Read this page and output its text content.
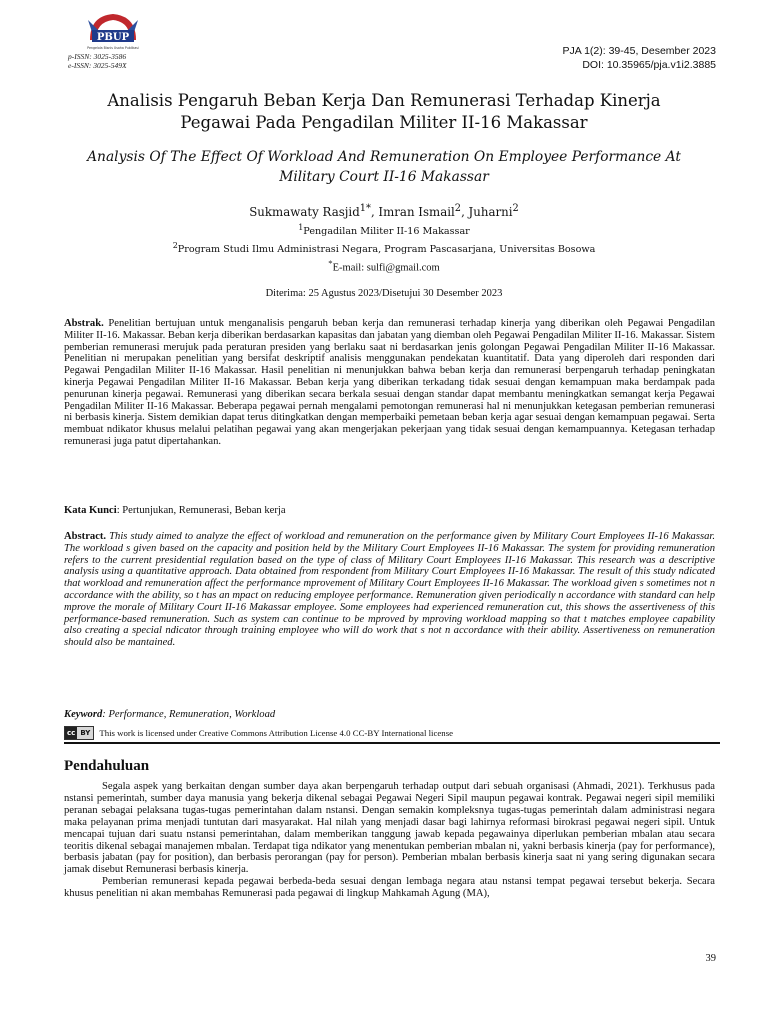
PBUP
Pengelola Bisnis Usaha Publikasi
p-ISSN: 3025-3586
e-ISSN: 3025-549X
PJA 1(2): 39-45, Desember 2023
DOI: 10.35965/pja.v1i2.3885
Analisis Pengaruh Beban Kerja Dan Remunerasi Terhadap Kinerja
Pegawai Pada Pengadilan Militer II-16 Makassar
Analysis Of The Effect Of Workload And Remuneration On Employee Performance At
Military Court II-16 Makassar
Sukmawaty Rasjid$^{1*}$, Imran Ismail$^2$, Juharni$^2$
$^1$Pengadilan Militer II-16 Makassar
$^2$Program Studi Ilmu Administrasi Negara, Program Pascasarjana, Universitas Bosowa
*E-mail: sulfi@gmail.com
Diterima: 25 Agustus 2023/Disetujui 30 Desember 2023
Abstrak. Penelitian bertujuan untuk menganalisis pengaruh beban kerja dan remunerasi terhadap kinerja yang diberikan oleh Pegawai Pengadilan Militer II-16. Makassar. Beban kerja diberikan berdasarkan kapasitas dan jabatan yang diemban oleh Pegawai Pengadilan Militer II-16. Makassar. Sistem pemberian remunerasi merujuk pada peraturan presiden yang berlaku saat ni berdasarkan jenis golongan Pegawai Pengadilan Militer II-16 Makassar. Penelitian ni merupakan penelitian yang bersifat deskriptif analisis menggunakan pendekatan kuantitatif. Data yang diperoleh dari responden dari Pegawai Pengadilan Militer II-16 Makassar. Hasil penelitian ni menunjukkan bahwa beban kerja dan remunerasi berpengaruh terhadap peningkatan kinerja Pegawai Pengadilan Militer II-16 Makassar. Beban kerja yang diberikan terkadang tidak sesuai dengan kemampuan maka berdampak pada penurunan kinerja pegawai. Remunerasi yang diberikan secara berkala sesuai dengan standar dapat membantu meningkatkan semangat kerja Pegawai Pengadilan Militer II-16 Makassar. Beberapa pegawai pernah mengalami pemotongan remunerasi hal ni menunjukkan ketegasan pemberian remunerasi ni berbasis kinerja. Sistem demikian dapat terus ditingkatkan dengan memperbaiki pemetaan beban kerja agar sesuai dengan kemampuan pegawai. Serta membuat ndikator khusus melalui pelatihan pegawai yang akan mengerjakan pekerjaan yang tidak sesuai dengan kemampuannya. Ketegasan terhadap remunerasi juga patut dipertahankan.
Kata Kunci: Pertunjukan, Remunerasi, Beban kerja
Abstract. This study aimed to analyze the effect of workload and remuneration on the performance given by Military Court Employees II-16 Makassar. The workload s given based on the capacity and position held by the Military Court Employees II-16 Makassar. The system for providing remuneration refers to the current presidential regulation based on the type of class of Military Court Employees II-16 Makassar. This research was a descriptive analysis using a quantitative approach. Data obtained from respondent from Military Court Employees II-16 Makassar. The result of this study ndicated that workload and remuneration affect the performance mprovement of Military Court Employees II-16 Makassar. The workload given s sometimes not n accordance with the ability, so t has an mpact on reducing employee performance. Remuneration given periodically n accordance with standard can help mprove the morale of Military Court II-16 Makassar employee. Some employees had experienced remuneration cut, this shows the assertiveness of this performance-based remuneration. Such as system can continue to be mproved by mproving workload mapping so that t matches employee capability also creating a special ndicator through training employee who will do work that s not n accordance with their ability. Assertiveness on remuneration should also be mantained.
Keyword: Performance, Remuneration, Workload
cc BY	This work is licensed under Creative Commons Attribution License 4.0 CC-BY International license
Pendahuluan

Segala aspek yang berkaitan dengan sumber daya akan berpengaruh terhadap output dari sebuah organisasi (Ahmadi, 2021). Terkhusus pada nstansi pemerintah, sumber daya manusia yang bekerja dikenal sebagai Pegawai Negeri Sipil maupun pegawai kontrak. Pegawai negeri sipil memiliki peranan sebagai pelaksana tugas-tugas pemerintahan dalam nstansi. Dengan semakin kompleksnya tugas-tugas pemerintah dalam administrasi negara maka pelayanan prima menjadi tuntutan dari masyarakat. Hal nilah yang menjadi dasar bagi lahirnya reformasi birokrasi pegawai negeri sipil. Untuk mencapai tujuan dari suatu nstansi pemerintahan, dalam memberikan tanggung jawab kepada pegawainya diperlukan pemberian mbalan atau secara teoritis dikenal sebagai manajemen mbalan. Terdapat tiga ndikator yang menentukan pemberian mbalan ni, yakni berbasis kinerja (pay for performance), berbasis jabatan (pay for position), dan berbasis perorangan (pay for person). Pemberian mbalan berbasis kinerja saat ni yang sering digunakan secara jamak disebut Remunerasi berbasis kinerja.

Pemberian remunerasi kepada pegawai berbeda-beda sesuai dengan lembaga negara atau nstansi tempat pegawai tersebut bekerja. Secara khusus penelitian ni akan membahas Remunerasi pada pegawai di lingkup Mahkamah Agung (MA),

39
